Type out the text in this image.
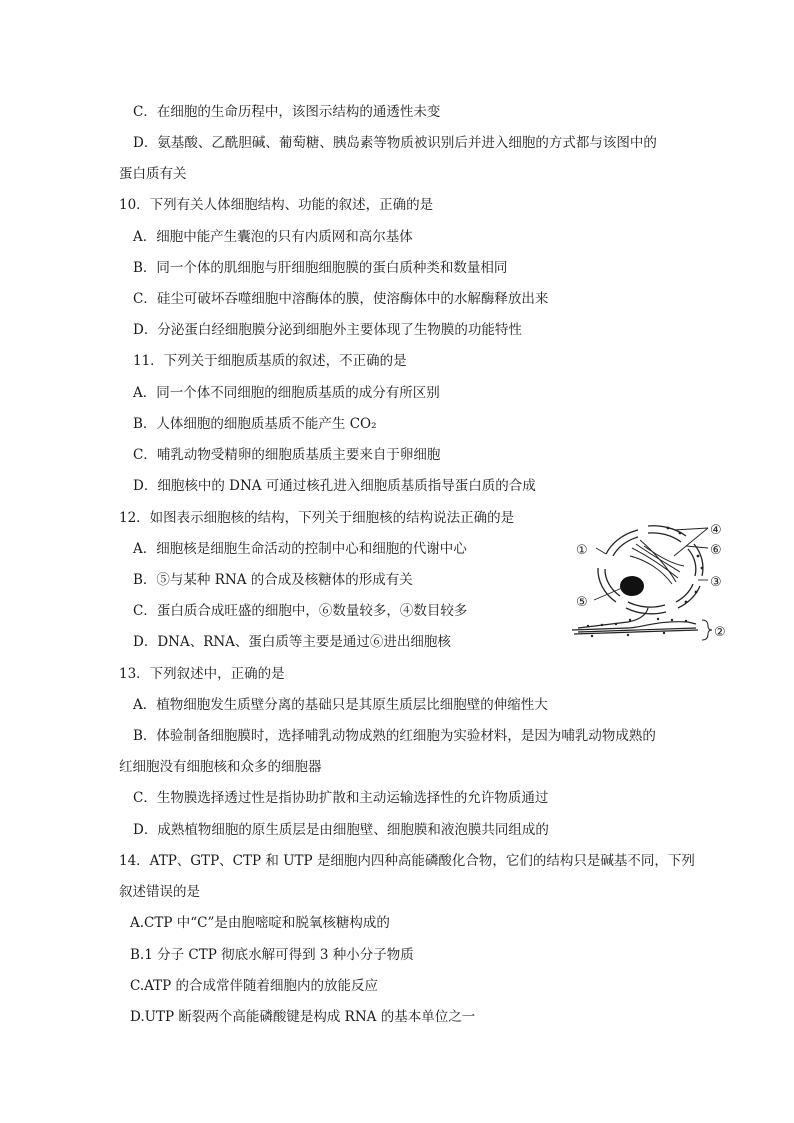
C．在细胞的生命历程中，该图示结构的通透性未变
D．氨基酸、乙酰胆碱、葡萄糖、胰岛素等物质被识别后并进入细胞的方式都与该图中的
蛋白质有关
10．下列有关人体细胞结构、功能的叙述，正确的是
A．细胞中能产生囊泡的只有内质网和高尔基体
B．同一个体的肌细胞与肝细胞细胞膜的蛋白质种类和数量相同
C．硅尘可破坏吞噬细胞中溶酶体的膜，使溶酶体中的水解酶释放出来
D．分泌蛋白经细胞膜分泌到细胞外主要体现了生物膜的功能特性
11．下列关于细胞质基质的叙述，不正确的是
A．同一个体不同细胞的细胞质基质的成分有所区别
B．人体细胞的细胞质基质不能产生 CO₂
C．哺乳动物受精卵的细胞质基质主要来自于卵细胞
D．细胞核中的 DNA 可通过核孔进入细胞质基质指导蛋白质的合成
12．如图表示细胞核的结构，下列关于细胞核的结构说法正确的是
A．细胞核是细胞生命活动的控制中心和细胞的代谢中心
B．⑤与某种 RNA 的合成及核糖体的形成有关
C．蛋白质合成旺盛的细胞中，⑥数量较多，④数目较多
D．DNA、RNA、蛋白质等主要是通过⑥进出细胞核
13．下列叙述中，正确的是
A．植物细胞发生质壁分离的基础只是其原生质层比细胞壁的伸缩性大
B．体验制备细胞膜时，选择哺乳动物成熟的红细胞为实验材料，是因为哺乳动物成熟的
红细胞没有细胞核和众多的细胞器
C．生物膜选择透过性是指协助扩散和主动运输选择性的允许物质通过
D．成熟植物细胞的原生质层是由细胞壁、细胞膜和液泡膜共同组成的
14．ATP、GTP、CTP 和 UTP 是细胞内四种高能磷酸化合物，它们的结构只是碱基不同，下列
叙述错误的是
A.CTP 中“C”是由胞嘧啶和脱氧核糖构成的
B.1 分子 CTP 彻底水解可得到 3 种小分子物质
C.ATP 的合成常伴随着细胞内的放能反应
D.UTP 断裂两个高能磷酸键是构成 RNA 的基本单位之一
①
②
③
④
⑤
⑥
